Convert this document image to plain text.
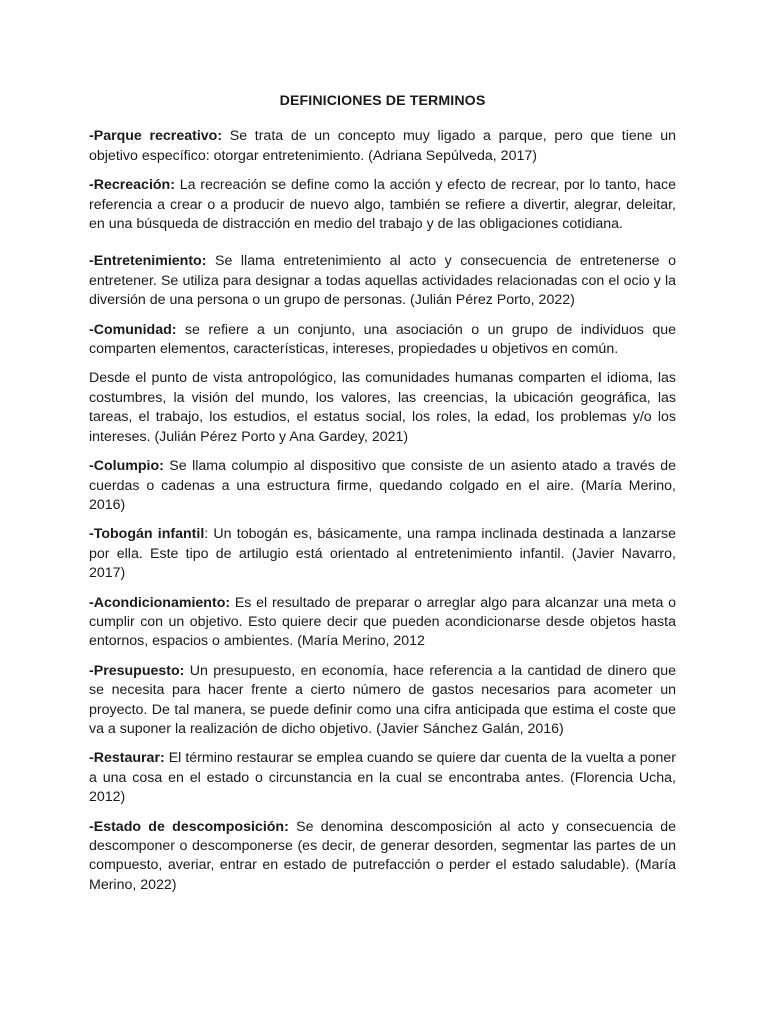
DEFINICIONES DE TERMINOS

-Parque recreativo: Se trata de un concepto muy ligado a parque, pero que tiene un objetivo específico: otorgar entretenimiento. (Adriana Sepúlveda, 2017)

-Recreación: La recreación se define como la acción y efecto de recrear, por lo tanto, hace referencia a crear o a producir de nuevo algo, también se refiere a divertir, alegrar, deleitar, en una búsqueda de distracción en medio del trabajo y de las obligaciones cotidiana.

-Entretenimiento: Se llama entretenimiento al acto y consecuencia de entretenerse o entretener. Se utiliza para designar a todas aquellas actividades relacionadas con el ocio y la diversión de una persona o un grupo de personas. (Julián Pérez Porto, 2022)

-Comunidad: se refiere a un conjunto, una asociación o un grupo de individuos que comparten elementos, características, intereses, propiedades u objetivos en común.

Desde el punto de vista antropológico, las comunidades humanas comparten el idioma, las costumbres, la visión del mundo, los valores, las creencias, la ubicación geográfica, las tareas, el trabajo, los estudios, el estatus social, los roles, la edad, los problemas y/o los intereses. (Julián Pérez Porto y Ana Gardey, 2021)

-Columpio: Se llama columpio al dispositivo que consiste de un asiento atado a través de cuerdas o cadenas a una estructura firme, quedando colgado en el aire. (María Merino, 2016)

-Tobogán infantil: Un tobogán es, básicamente, una rampa inclinada destinada a lanzarse por ella. Este tipo de artilugio está orientado al entretenimiento infantil. (Javier Navarro, 2017)

-Acondicionamiento: Es el resultado de preparar o arreglar algo para alcanzar una meta o cumplir con un objetivo. Esto quiere decir que pueden acondicionarse desde objetos hasta entornos, espacios o ambientes. (María Merino, 2012

-Presupuesto: Un presupuesto, en economía, hace referencia a la cantidad de dinero que se necesita para hacer frente a cierto número de gastos necesarios para acometer un proyecto. De tal manera, se puede definir como una cifra anticipada que estima el coste que va a suponer la realización de dicho objetivo. (Javier Sánchez Galán, 2016)

-Restaurar: El término restaurar se emplea cuando se quiere dar cuenta de la vuelta a poner a una cosa en el estado o circunstancia en la cual se encontraba antes. (Florencia Ucha, 2012)

-Estado de descomposición: Se denomina descomposición al acto y consecuencia de descomponer o descomponerse (es decir, de generar desorden, segmentar las partes de un compuesto, averiar, entrar en estado de putrefacción o perder el estado saludable). (María Merino, 2022)
